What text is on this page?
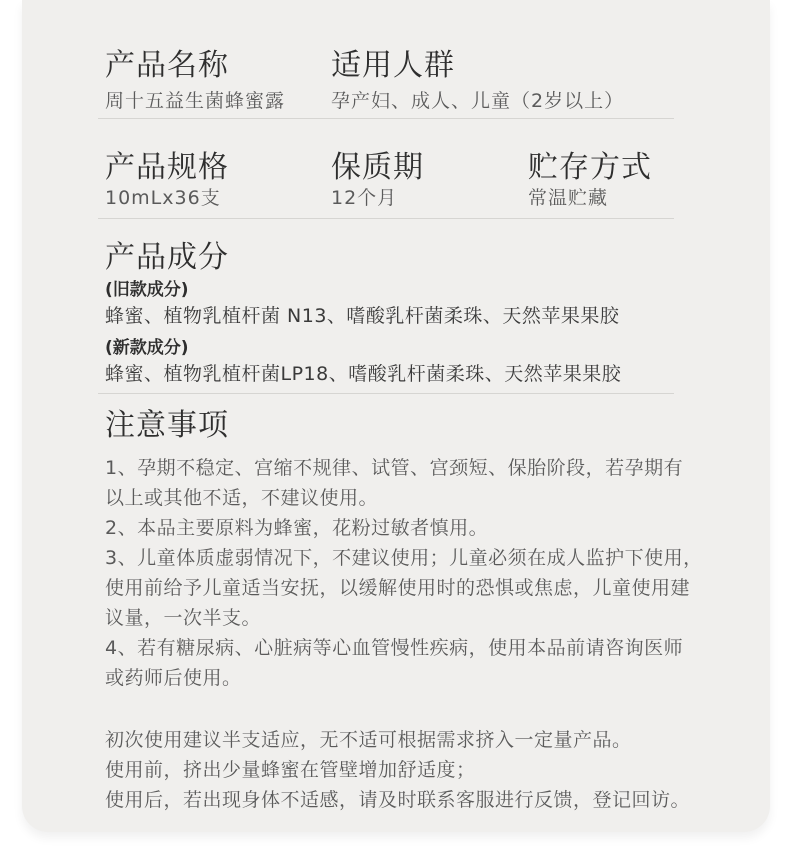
产品名称
周十五益生菌蜂蜜露
适用人群
孕产妇、成人、儿童（2岁以上）
产品规格
10mLx36支
保质期
12个月
贮存方式
常温贮藏
产品成分
(旧款成分)
蜂蜜、植物乳植杆菌 N13、嗜酸乳杆菌柔珠、天然苹果果胶
(新款成分)
蜂蜜、植物乳植杆菌LP18、嗜酸乳杆菌柔珠、天然苹果果胶
注意事项
1、孕期不稳定、宫缩不规律、试管、宫颈短、保胎阶段，若孕期有
以上或其他不适，不建议使用。
2、本品主要原料为蜂蜜，花粉过敏者慎用。
3、儿童体质虚弱情况下，不建议使用；儿童必须在成人监护下使用，
使用前给予儿童适当安抚，以缓解使用时的恐惧或焦虑，儿童使用建
议量，一次半支。
4、若有糖尿病、心脏病等心血管慢性疾病，使用本品前请咨询医师
或药师后使用。
初次使用建议半支适应，无不适可根据需求挤入一定量产品。
使用前，挤出少量蜂蜜在管壁增加舒适度；
使用后，若出现身体不适感，请及时联系客服进行反馈，登记回访。
